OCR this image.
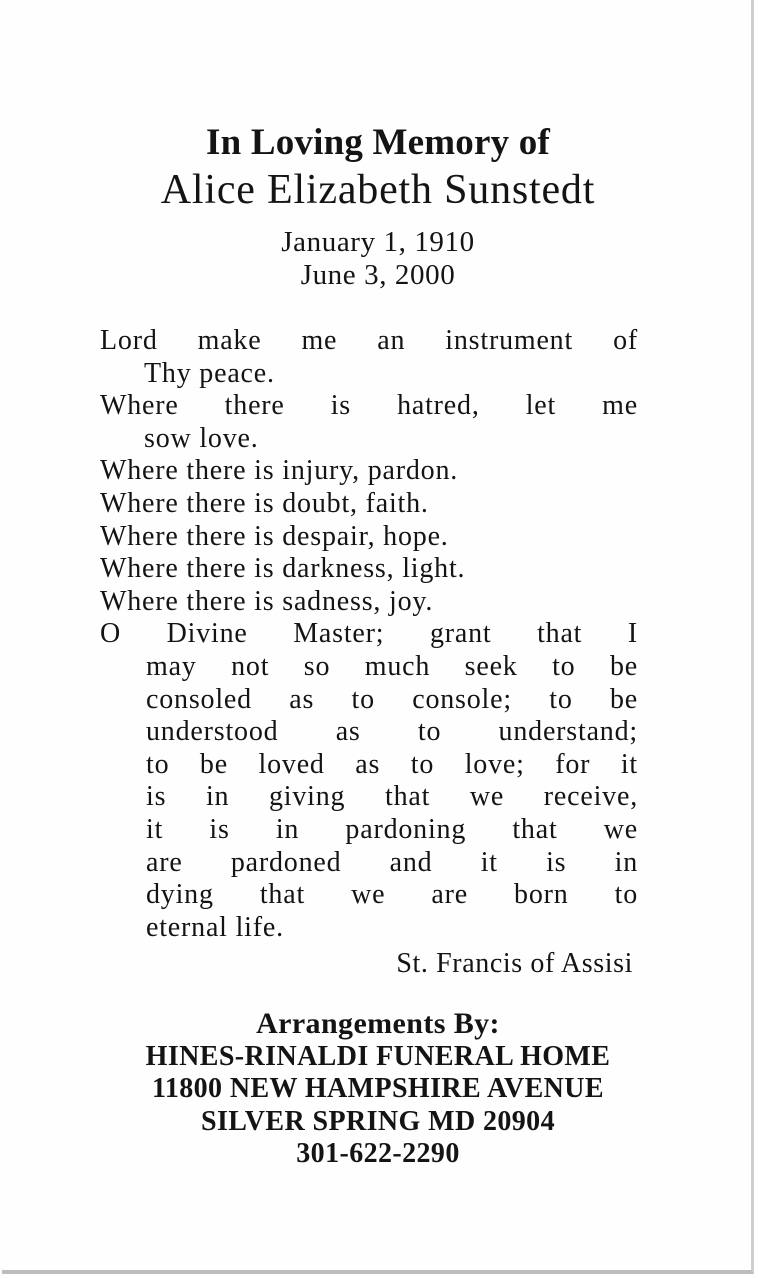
In Loving Memory of
Alice Elizabeth Sunstedt
January 1, 1910
June 3, 2000
Lord make me an instrument of
Thy peace.
Where there is hatred, let me
sow love.
Where there is injury, pardon.
Where there is doubt, faith.
Where there is despair, hope.
Where there is darkness, light.
Where there is sadness, joy.
O Divine Master; grant that I
may not so much seek to be
consoled as to console; to be
understood as to understand;
to be loved as to love; for it
is in giving that we receive,
it is in pardoning that we
are pardoned and it is in
dying that we are born to
eternal life.
St. Francis of Assisi
Arrangements By:
HINES-RINALDI FUNERAL HOME
11800 NEW HAMPSHIRE AVENUE
SILVER SPRING MD 20904
301-622-2290
